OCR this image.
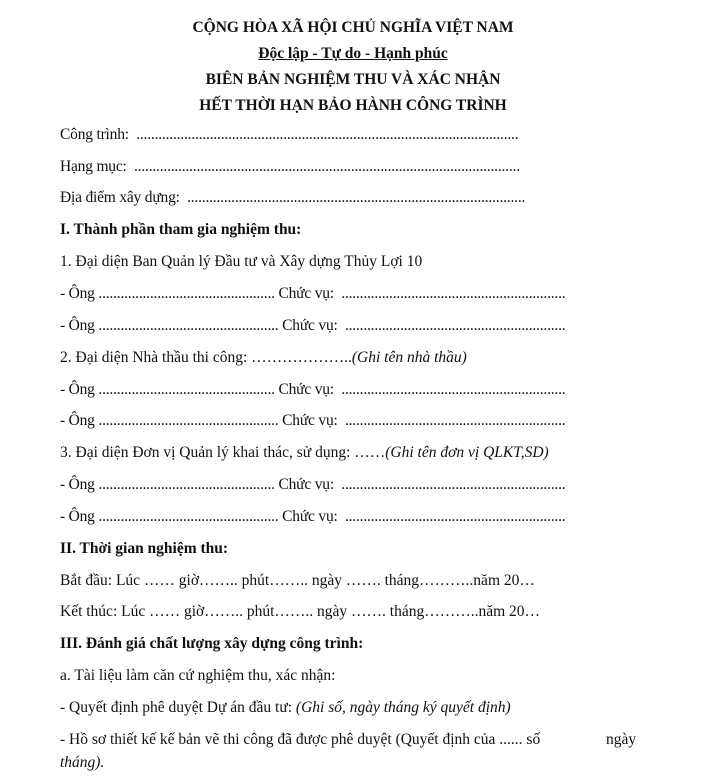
CỘNG HÒA XÃ HỘI CHỦ NGHĨA VIỆT NAM
Độc lập - Tự do - Hạnh phúc
BIÊN BẢN NGHIỆM THU VÀ XÁC NHẬN
HẾT THỜI HẠN BẢO HÀNH CÔNG TRÌNH
Công trình:  ........................................................................................................
Hạng mục:  .........................................................................................................
Địa điểm xây dựng:  ............................................................................................
I. Thành phần tham gia nghiệm thu:
1. Đại diện Ban Quản lý Đầu tư và Xây dựng Thủy Lợi 10
- Ông ................................................ Chức vụ:  .............................................................
- Ông ................................................. Chức vụ:  ............................................................
2. Đại diện Nhà thầu thi công: ………………..(Ghi tên nhà thầu)
- Ông ................................................ Chức vụ:  .............................................................
- Ông ................................................. Chức vụ:  ............................................................
3. Đại diện Đơn vị Quản lý khai thác, sử dụng: ……(Ghi tên đơn vị QLKT,SD)
- Ông ................................................ Chức vụ:  .............................................................
- Ông ................................................. Chức vụ:  ............................................................
II. Thời gian nghiệm thu:
Bắt đầu: Lúc …… giờ…….. phút…….. ngày ……. tháng………..năm 20…
Kết thúc: Lúc …… giờ…….. phút…….. ngày ……. tháng………..năm 20…
III. Đánh giá chất lượng xây dựng công trình:
a. Tài liệu làm căn cứ nghiệm thu, xác nhận:
- Quyết định phê duyệt Dự án đầu tư: (Ghi số, ngày tháng ký quyết định)
- Hồ sơ thiết kế kế bản vẽ thi công đã được phê duyệt (Quyết định của ...... số	ngày
tháng).
